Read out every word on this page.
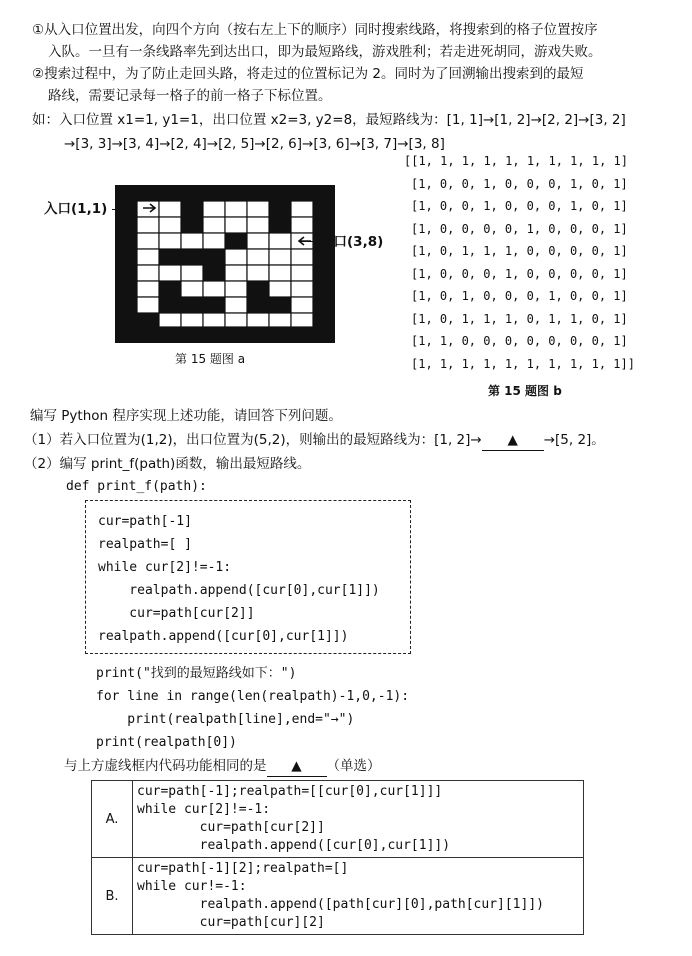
①从入口位置出发，向四个方向（按右左上下的顺序）同时搜索线路，将搜索到的格子位置按序
入队。一旦有一条线路率先到达出口，即为最短路线，游戏胜利；若走进死胡同，游戏失败。
②搜索过程中，为了防止走回头路，将走过的位置标记为 2。同时为了回溯输出搜索到的最短
路线，需要记录每一格子的前一格子下标位置。
如：入口位置 x1=1, y1=1，出口位置 x2=3, y2=8，最短路线为：[1, 1]→[1, 2]→[2, 2]→[3, 2]
→[3, 3]→[3, 4]→[2, 4]→[2, 5]→[2, 6]→[3, 6]→[3, 7]→[3, 8]
入口(1,1)
出口(3,8)
第 15 题图 a
[[1, 1, 1, 1, 1, 1, 1, 1, 1, 1]
[1, 0, 0, 1, 0, 0, 0, 1, 0, 1]
[1, 0, 0, 1, 0, 0, 0, 1, 0, 1]
[1, 0, 0, 0, 0, 1, 0, 0, 0, 1]
[1, 0, 1, 1, 1, 0, 0, 0, 0, 1]
[1, 0, 0, 0, 1, 0, 0, 0, 0, 1]
[1, 0, 1, 0, 0, 0, 1, 0, 0, 1]
[1, 0, 1, 1, 1, 0, 1, 1, 0, 1]
[1, 1, 0, 0, 0, 0, 0, 0, 0, 1]
[1, 1, 1, 1, 1, 1, 1, 1, 1, 1]]
第 15 题图 b
编写 Python 程序实现上述功能，请回答下列问题。
（1）若入口位置为(1,2)，出口位置为(5,2)，则输出的最短路线为：[1, 2]→ ▲ →[5, 2]。
（2）编写 print_f(path)函数，输出最短路线。
def print_f(path):
cur=path[-1]
realpath=[ ]
while cur[2]!=-1:
realpath.append([cur[0],cur[1]])
cur=path[cur[2]]
realpath.append([cur[0],cur[1]])
print("找到的最短路线如下：")
for line in range(len(realpath)-1,0,-1):
print(realpath[line],end="→")
print(realpath[0])
与上方虚线框内代码功能相同的是 ▲ （单选）
A.	cur=path[-1];realpath=[[cur[0],cur[1]]]
while cur[2]!=-1:
cur=path[cur[2]]
realpath.append([cur[0],cur[1]])

B.	cur=path[-1][2];realpath=[]
while cur!=-1:
realpath.append([path[cur][0],path[cur][1]])
cur=path[cur][2]
